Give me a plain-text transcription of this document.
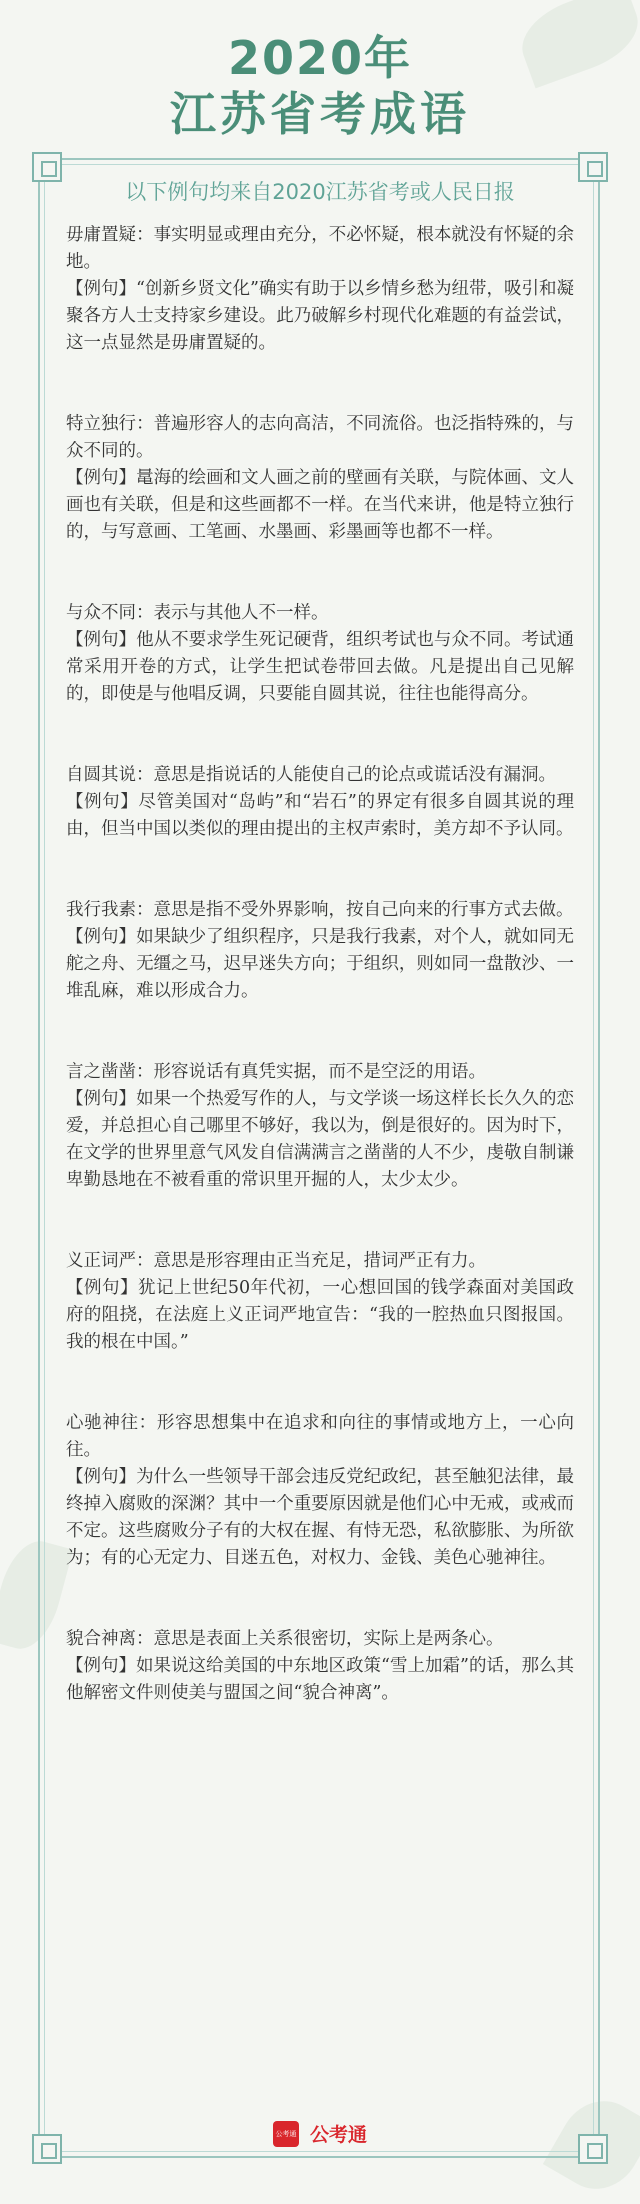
2020年
江苏省考成语
以下例句均来自2020江苏省考或人民日报

毋庸置疑：事实明显或理由充分，不必怀疑，根本就没有怀疑的余地。

【例句】“创新乡贤文化”确实有助于以乡情乡愁为纽带，吸引和凝聚各方人士支持家乡建设。此乃破解乡村现代化难题的有益尝试，这一点显然是毋庸置疑的。

特立独行：普遍形容人的志向高洁，不同流俗。也泛指特殊的，与众不同的。

【例句】鼌海的绘画和文人画之前的壁画有关联，与院体画、文人画也有关联，但是和这些画都不一样。在当代来讲，他是特立独行的，与写意画、工笔画、水墨画、彩墨画等也都不一样。

与众不同：表示与其他人不一样。

【例句】他从不要求学生死记硬背，组织考试也与众不同。考试通常采用开卷的方式，让学生把试卷带回去做。凡是提出自己见解的，即使是与他唱反调，只要能自圆其说，往往也能得高分。

自圆其说：意思是指说话的人能使自己的论点或谎话没有漏洞。

【例句】尽管美国对“岛屿”和“岩石”的界定有很多自圆其说的理由，但当中国以类似的理由提出的主权声索时，美方却不予认同。

我行我素：意思是指不受外界影响，按自己向来的行事方式去做。

【例句】如果缺少了组织程序，只是我行我素，对个人，就如同无舵之舟、无缰之马，迟早迷失方向；于组织，则如同一盘散沙、一堆乱麻，难以形成合力。

言之凿凿：形容说话有真凭实据，而不是空泛的用语。

【例句】如果一个热爱写作的人，与文学谈一场这样长长久久的恋爱，并总担心自己哪里不够好，我以为，倒是很好的。因为时下，在文学的世界里意气风发自信满满言之凿凿的人不少，虔敬自制谦卑勤恳地在不被看重的常识里开掘的人，太少太少。

义正词严：意思是形容理由正当充足，措词严正有力。

【例句】犹记上世纪50年代初，一心想回国的钱学森面对美国政府的阻挠，在法庭上义正词严地宣告：“我的一腔热血只图报国。我的根在中国。”

心驰神往：形容思想集中在追求和向往的事情或地方上，一心向往。

【例句】为什么一些领导干部会违反党纪政纪，甚至触犯法律，最终掉入腐败的深渊？其中一个重要原因就是他们心中无戒，或戒而不定。这些腐败分子有的大权在握、有恃无恐，私欲膨胀、为所欲为；有的心无定力、目迷五色，对权力、金钱、美色心驰神往。

貌合神离：意思是表面上关系很密切，实际上是两条心。

【例句】如果说这给美国的中东地区政策“雪上加霜”的话，那么其他解密文件则使美与盟国之间“貌合神离”。

公考通 公考通
